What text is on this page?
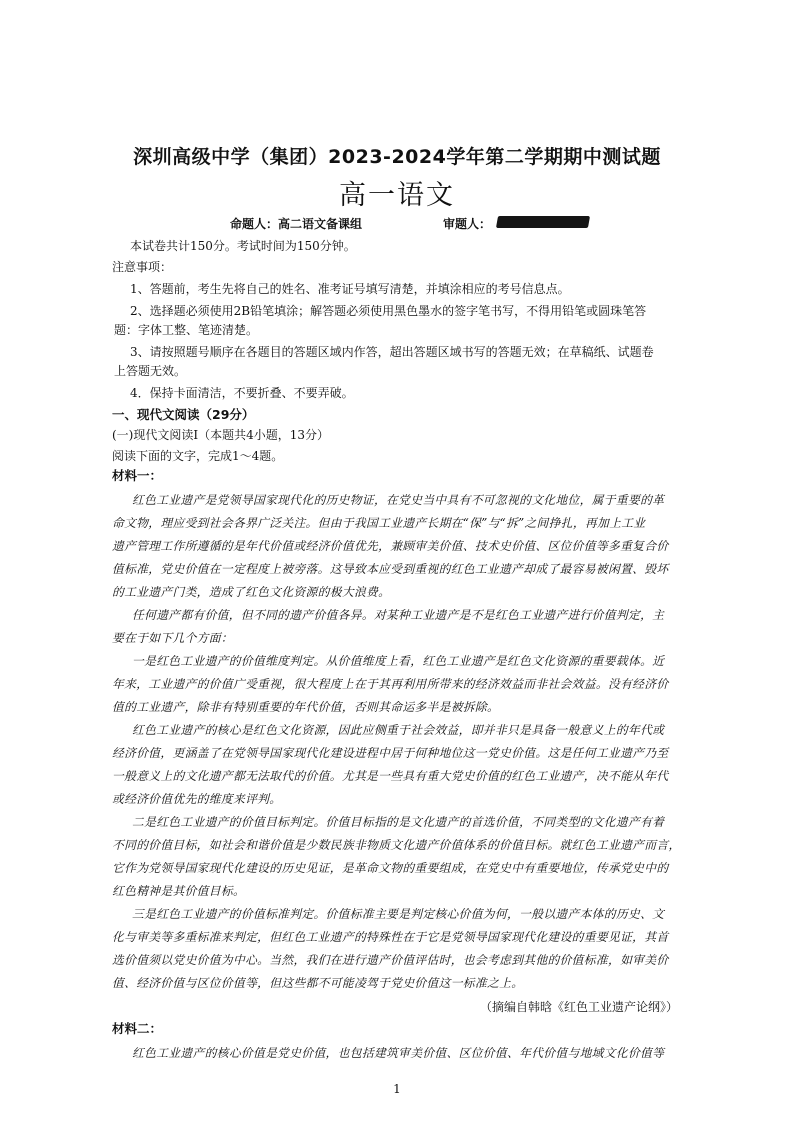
深圳高级中学（集团）2023-2024学年第二学期期中测试题
高一语文
命题人：高二语文备课组	审题人：
本试卷共计150分。考试时间为150分钟。
注意事项：
1、答题前，考生先将自己的姓名、准考证号填写清楚，并填涂相应的考号信息点。
2、选择题必须使用2B铅笔填涂；解答题必须使用黑色墨水的签字笔书写，不得用铅笔或圆珠笔答
题：字体工整、笔迹清楚。
3、请按照题号顺序在各题目的答题区域内作答，超出答题区域书写的答题无效；在草稿纸、试题卷
上答题无效。
4．保持卡面清洁，不要折叠、不要弄破。
一、现代文阅读（29分）
(一)现代文阅读Ⅰ（本题共4小题，13分）
阅读下面的文字，完成1～4题。
材料一：
红色工业遗产是党领导国家现代化的历史物证，在党史当中具有不可忽视的文化地位，属于重要的革
命文物，理应受到社会各界广泛关注。但由于我国工业遗产长期在“保”与“拆”之间挣扎，再加上工业
遗产管理工作所遵循的是年代价值或经济价值优先，兼顾审美价值、技术史价值、区位价值等多重复合价
值标准，党史价值在一定程度上被旁落。这导致本应受到重视的红色工业遗产却成了最容易被闲置、毁坏
的工业遗产门类，造成了红色文化资源的极大浪费。
任何遗产都有价值，但不同的遗产价值各异。对某种工业遗产是不是红色工业遗产进行价值判定，主
要在于如下几个方面：
一是红色工业遗产的价值维度判定。从价值维度上看，红色工业遗产是红色文化资源的重要载体。近
年来，工业遗产的价值广受重视，很大程度上在于其再利用所带来的经济效益而非社会效益。没有经济价
值的工业遗产，除非有特别重要的年代价值，否则其命运多半是被拆除。
红色工业遗产的核心是红色文化资源，因此应侧重于社会效益，即并非只是具备一般意义上的年代或
经济价值，更涵盖了在党领导国家现代化建设进程中居于何种地位这一党史价值。这是任何工业遗产乃至
一般意义上的文化遗产都无法取代的价值。尤其是一些具有重大党史价值的红色工业遗产，决不能从年代
或经济价值优先的维度来评判。
二是红色工业遗产的价值目标判定。价值目标指的是文化遗产的首选价值，不同类型的文化遗产有着
不同的价值目标，如社会和谐价值是少数民族非物质文化遗产价值体系的价值目标。就红色工业遗产而言，
它作为党领导国家现代化建设的历史见证，是革命文物的重要组成，在党史中有重要地位，传承党史中的
红色精神是其价值目标。
三是红色工业遗产的价值标准判定。价值标准主要是判定核心价值为何，一般以遗产本体的历史、文
化与审美等多重标准来判定，但红色工业遗产的特殊性在于它是党领导国家现代化建设的重要见证，其首
选价值须以党史价值为中心。当然，我们在进行遗产价值评估时，也会考虑到其他的价值标准，如审美价
值、经济价值与区位价值等，但这些都不可能凌驾于党史价值这一标准之上。
（摘编自韩晗《红色工业遗产论纲》）
材料二：
红色工业遗产的核心价值是党史价值，也包括建筑审美价值、区位价值、年代价值与地域文化价值等
1
